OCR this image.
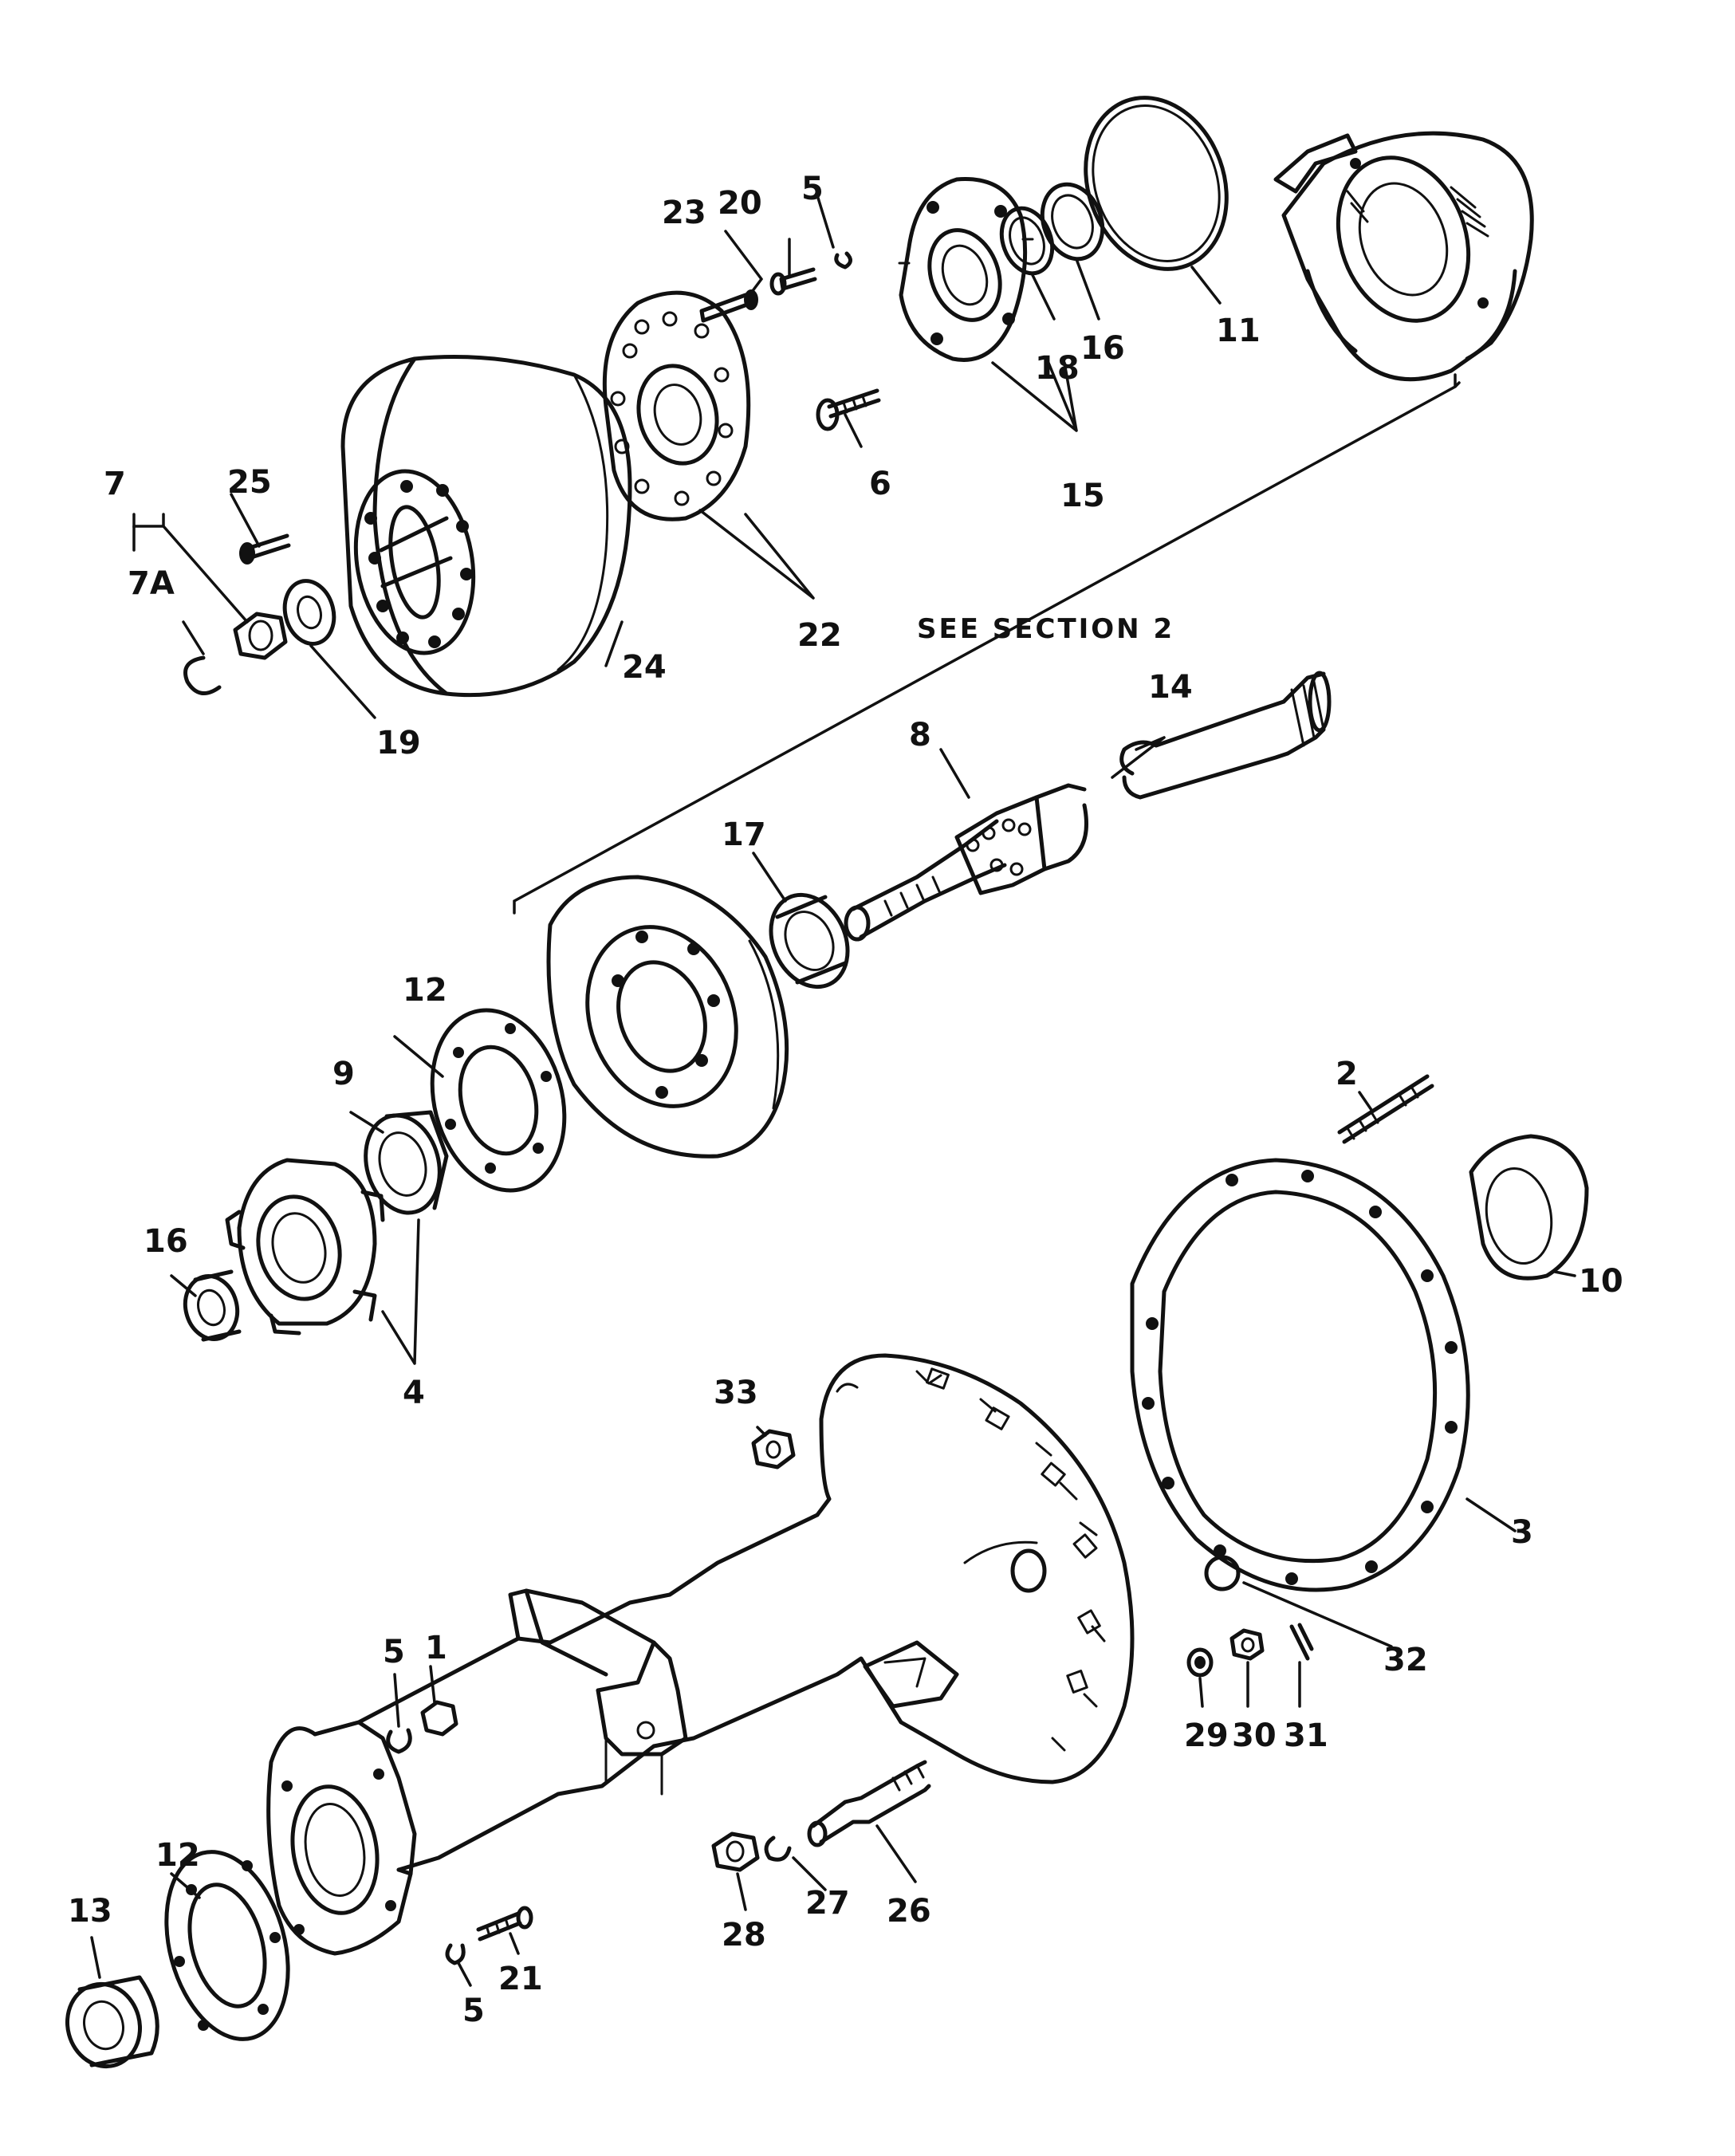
SEE SECTION 2
25
7
7A
19
24
22
23 20 5
6	15
18
16	11
14
8
17
12
9
16
4
2
10
3
33
32
29 30 31
5 1
26
27
28
21
5
12
13
